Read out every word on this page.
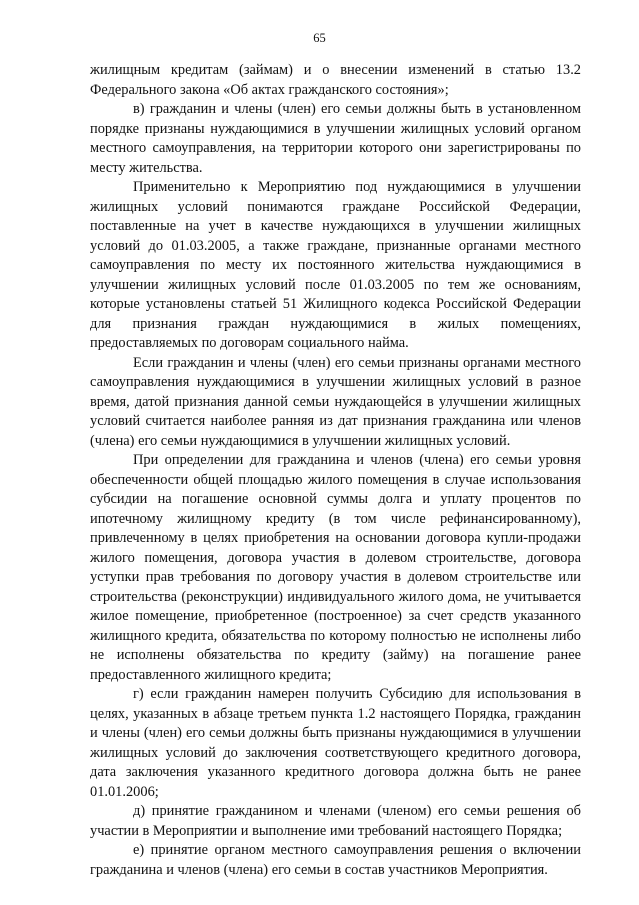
65

жилищным кредитам (займам) и о внесении изменений в статью 13.2 Федерального закона «Об актах гражданского состояния»;

в) гражданин и члены (член) его семьи должны быть в установленном порядке признаны нуждающимися в улучшении жилищных условий органом местного самоуправления, на территории которого они зарегистрированы по месту жительства.

Применительно к Мероприятию под нуждающимися в улучшении жилищных условий понимаются граждане Российской Федерации, поставленные на учет в качестве нуждающихся в улучшении жилищных условий до 01.03.2005, а также граждане, признанные органами местного самоуправления по месту их постоянного жительства нуждающимися в улучшении жилищных условий после 01.03.2005 по тем же основаниям, которые установлены статьей 51 Жилищного кодекса Российской Федерации для признания граждан нуждающимися в жилых помещениях, предоставляемых по договорам социального найма.

Если гражданин и члены (член) его семьи признаны органами местного самоуправления нуждающимися в улучшении жилищных условий в разное время, датой признания данной семьи нуждающейся в улучшении жилищных условий считается наиболее ранняя из дат признания гражданина или членов (члена) его семьи нуждающимися в улучшении жилищных условий.

При определении для гражданина и членов (члена) его семьи уровня обеспеченности общей площадью жилого помещения в случае использования субсидии на погашение основной суммы долга и уплату процентов по ипотечному жилищному кредиту (в том числе рефинансированному), привлеченному в целях приобретения на основании договора купли-продажи жилого помещения, договора участия в долевом строительстве, договора уступки прав требования по договору участия в долевом строительстве или строительства (реконструкции) индивидуального жилого дома, не учитывается жилое помещение, приобретенное (построенное) за счет средств указанного жилищного кредита, обязательства по которому полностью не исполнены либо не исполнены обязательства по кредиту (займу) на погашение ранее предоставленного жилищного кредита;

г) если гражданин намерен получить Субсидию для использования в целях, указанных в абзаце третьем пункта 1.2 настоящего Порядка, гражданин и члены (член) его семьи должны быть признаны нуждающимися в улучшении жилищных условий до заключения соответствующего кредитного договора, дата заключения указанного кредитного договора должна быть не ранее 01.01.2006;

д) принятие гражданином и членами (членом) его семьи решения об участии в Мероприятии и выполнение ими требований настоящего Порядка;

е) принятие органом местного самоуправления решения о включении гражданина и членов (члена) его семьи в состав участников Мероприятия.
